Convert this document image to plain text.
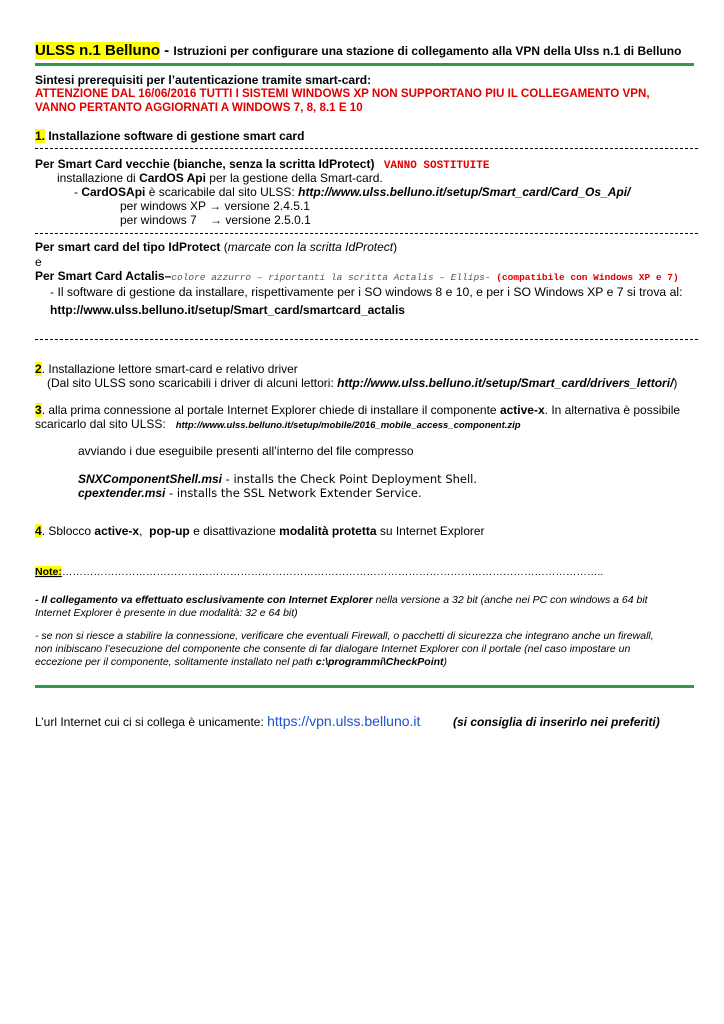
ULSS n.1 Belluno - Istruzioni per configurare una stazione di collegamento alla VPN della Ulss n.1 di Belluno
Sintesi prerequisiti per l’autenticazione tramite smart-card:
ATTENZIONE DAL 16/06/2016 TUTTI I SISTEMI WINDOWS XP NON SUPPORTANO PIU IL COLLEGAMENTO VPN,
VANNO PERTANTO AGGIORNATI A WINDOWS 7, 8, 8.1 E 10
1. Installazione software di gestione smart card
Per Smart Card vecchie (bianche, senza la scritta IdProtect) VANNO SOSTITUITE
installazione di CardOS Api per la gestione della Smart-card.
- CardOSApi è scaricabile dal sito ULSS: http://www.ulss.belluno.it/setup/Smart_card/Card_Os_Api/
per windows XP → versione 2.4.5.1
per windows 7    → versione 2.5.0.1
Per smart card del tipo IdProtect (marcate con la scritta IdProtect)
e
Per Smart Card Actalis–colore azzurro – riportanti la scritta Actalis – Ellips- (compatibile con Windows XP e 7)
- Il software di gestione da installare, rispettivamente per i SO windows 8 e 10, e per i SO Windows XP e 7 si trova al:
http://www.ulss.belluno.it/setup/Smart_card/smartcard_actalis
2. Installazione lettore smart-card e relativo driver
(Dal sito ULSS sono scaricabili i driver di alcuni lettori: http://www.ulss.belluno.it/setup/Smart_card/drivers_lettori/)
3. alla prima connessione al portale Internet Explorer chiede di installare il componente active-x. In alternativa è possibile
scaricarlo dal sito ULSS:   http://www.ulss.belluno.it/setup/mobile/2016_mobile_access_component.zip
avviando i due eseguibile presenti all’interno del file compresso
SNXComponentShell.msi - installs the Check Point Deployment Shell.
cpextender.msi - installs the SSL Network Extender Service.
4. Sblocco active-x,  pop-up e disattivazione modalità protetta su Internet Explorer
Note:………………………………………………………………………………………………………………………………………..
- Il collegamento va effettuato esclusivamente con Internet Explorer nella versione a 32 bit (anche nei PC con windows a 64 bit
Internet Explorer è presente in due modalità: 32 e 64 bit)
- se non si riesce a stabilire la connessione, verificare che eventuali Firewall, o pacchetti di sicurezza che integrano anche un firewall,
non inibiscano l’esecuzione del componente che consente di far dialogare Internet Explorer con il portale (nel caso impostare un
eccezione per il componente, solitamente installato nel path c:\programmi\CheckPoint)
L’url Internet cui ci si collega è unicamente: https://vpn.ulss.belluno.it	(si consiglia di inserirlo nei preferiti)
